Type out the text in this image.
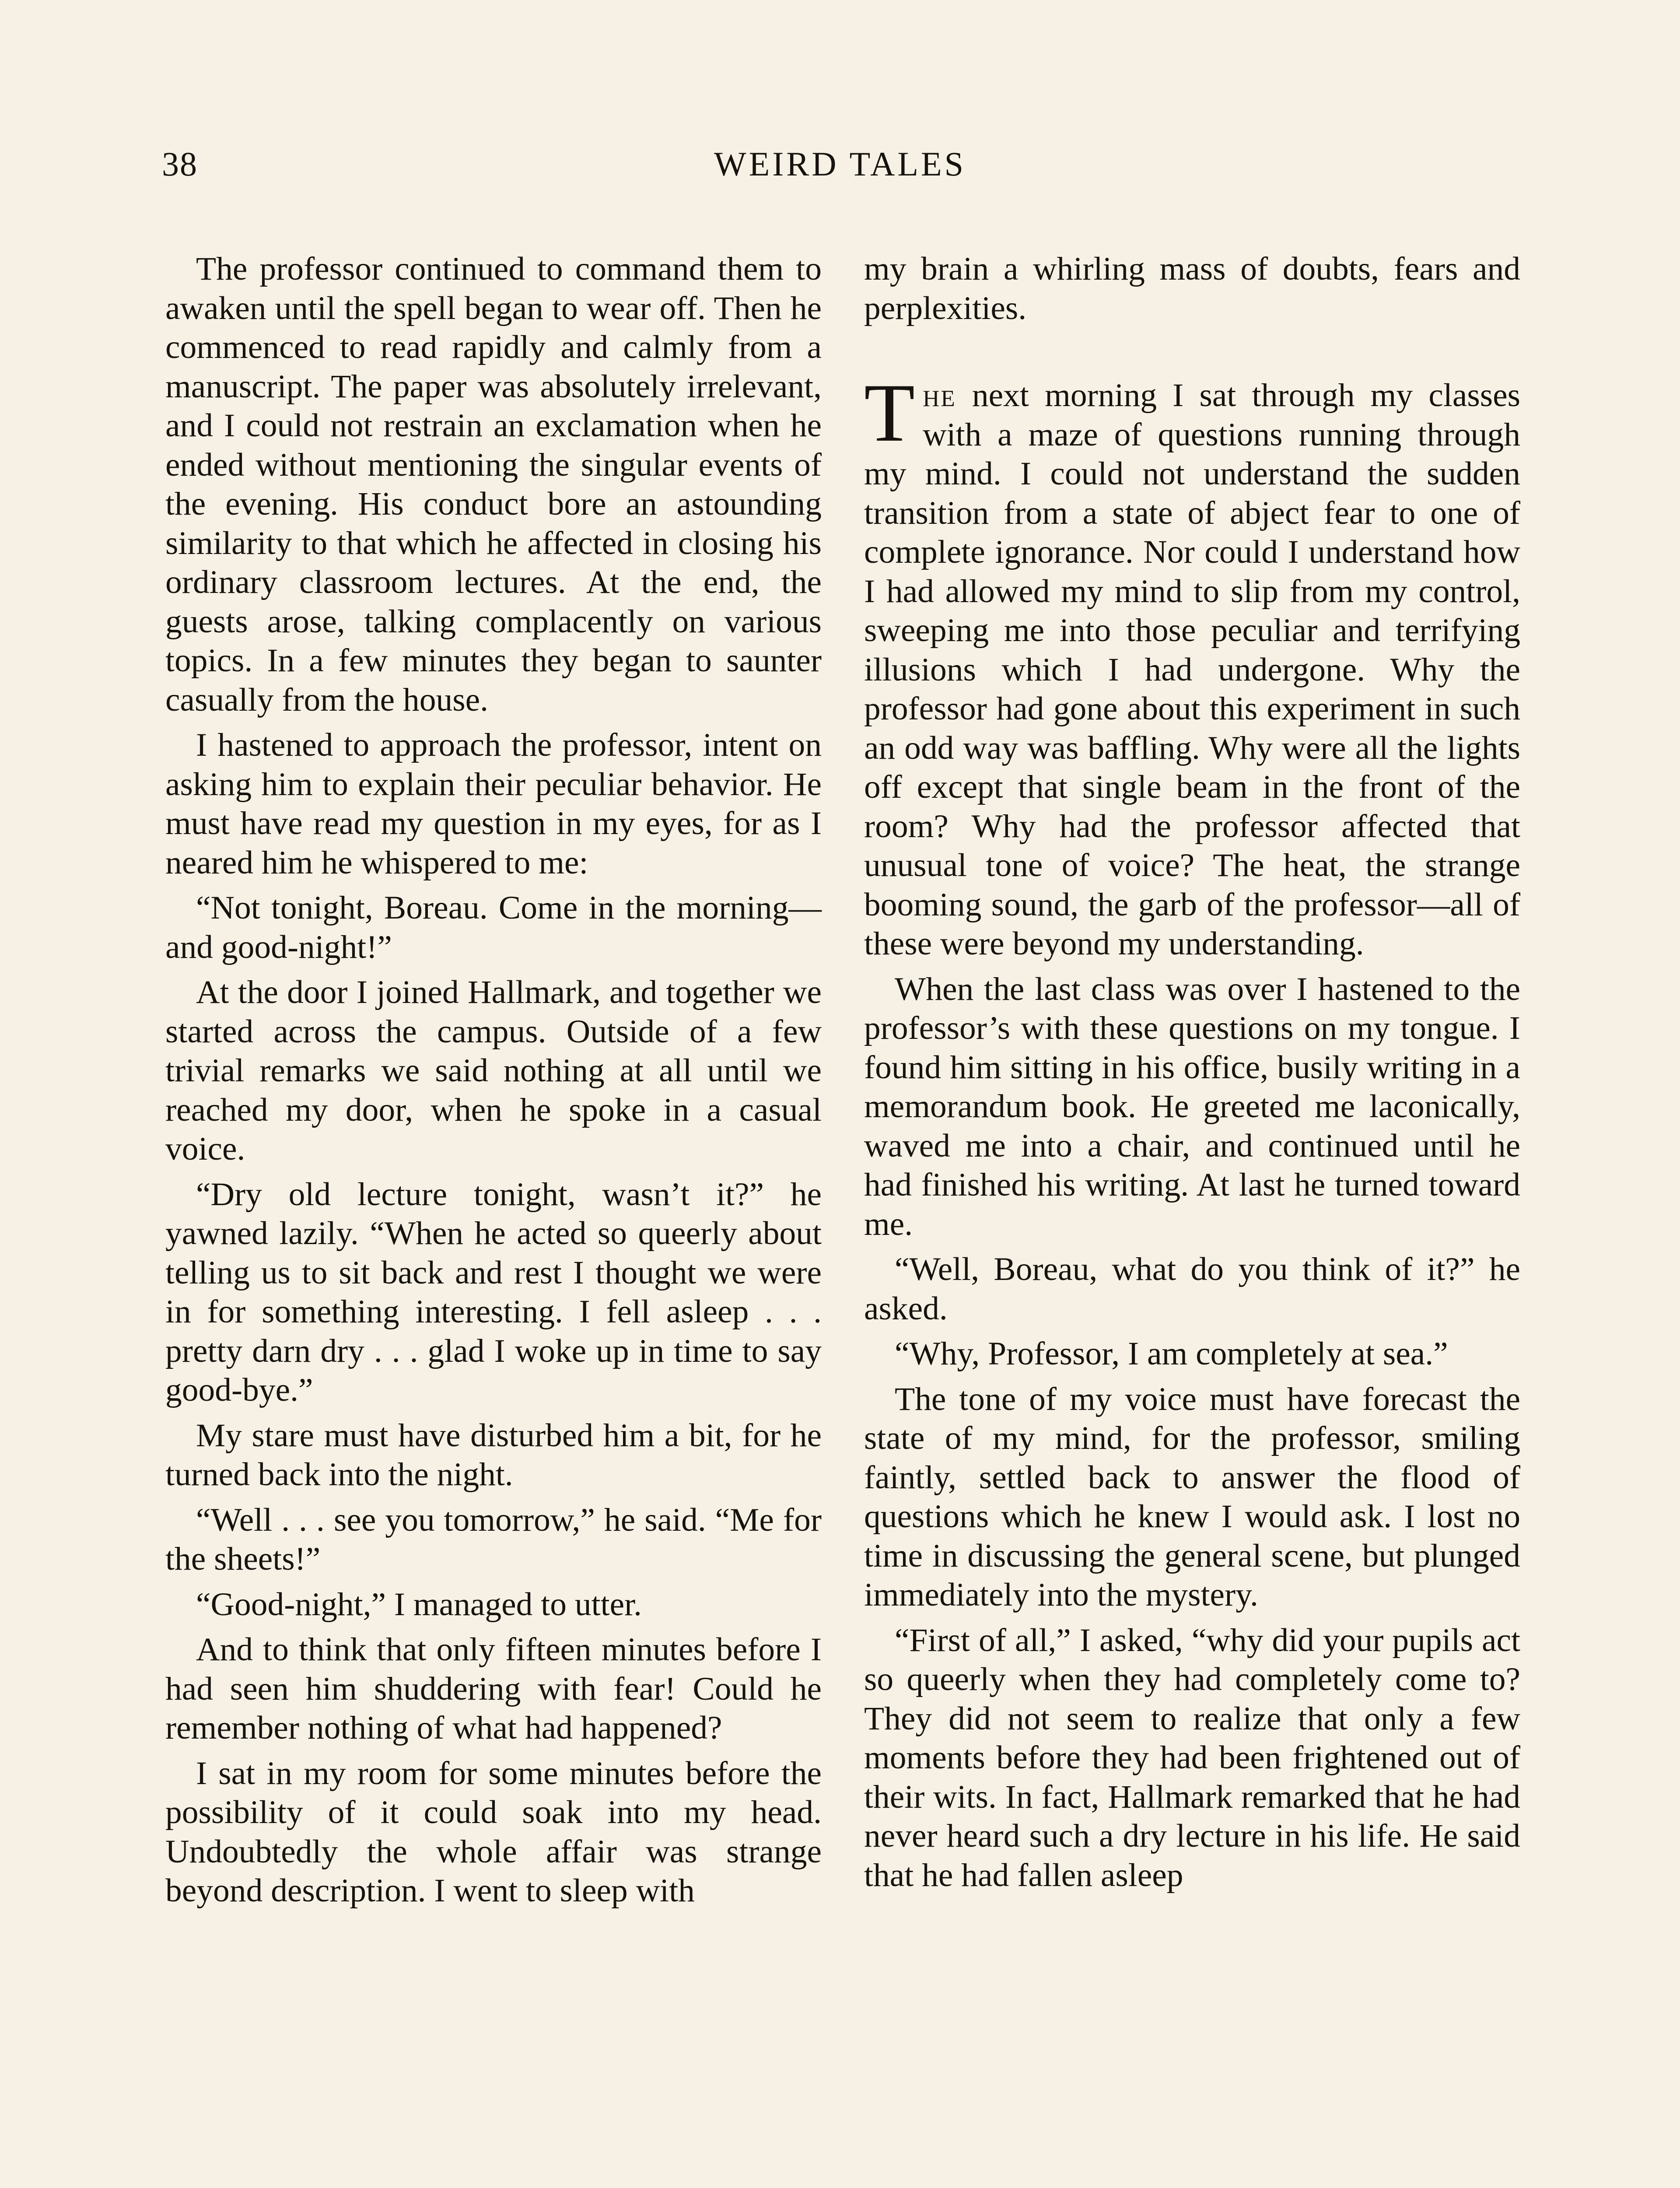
38	WEIRD TALES

The professor continued to command them to awaken until the spell began to wear off. Then he commenced to read rapidly and calmly from a manuscript. The paper was absolutely irrelevant, and I could not restrain an exclamation when he ended without mentioning the singular events of the evening. His conduct bore an astounding similarity to that which he affected in closing his ordinary classroom lectures. At the end, the guests arose, talking complacently on various topics. In a few minutes they began to saunter casually from the house.

I hastened to approach the professor, intent on asking him to explain their peculiar behavior. He must have read my question in my eyes, for as I neared him he whispered to me:

“Not tonight, Boreau. Come in the morning—and good-night!”

At the door I joined Hallmark, and together we started across the campus. Outside of a few trivial remarks we said nothing at all until we reached my door, when he spoke in a casual voice.

“Dry old lecture tonight, wasn’t it?” he yawned lazily. “When he acted so queerly about telling us to sit back and rest I thought we were in for something interesting. I fell asleep . . . pretty darn dry . . . glad I woke up in time to say good-bye.”

My stare must have disturbed him a bit, for he turned back into the night.

“Well . . . see you tomorrow,” he said. “Me for the sheets!”

“Good-night,” I managed to utter.

And to think that only fifteen minutes before I had seen him shuddering with fear! Could he remember nothing of what had happened?

I sat in my room for some minutes before the possibility of it could soak into my head. Undoubtedly the whole affair was strange beyond description. I went to sleep with

my brain a whirling mass of doubts, fears and perplexities.

The next morning I sat through my classes with a maze of questions running through my mind. I could not understand the sudden transition from a state of abject fear to one of complete ignorance. Nor could I understand how I had allowed my mind to slip from my control, sweeping me into those peculiar and terrifying illusions which I had undergone. Why the professor had gone about this experiment in such an odd way was baffling. Why were all the lights off except that single beam in the front of the room? Why had the professor affected that unusual tone of voice? The heat, the strange booming sound, the garb of the professor—all of these were beyond my understanding.

When the last class was over I hastened to the professor’s with these questions on my tongue. I found him sitting in his office, busily writing in a memorandum book. He greeted me laconically, waved me into a chair, and continued until he had finished his writing. At last he turned toward me.

“Well, Boreau, what do you think of it?” he asked.

“Why, Professor, I am completely at sea.”

The tone of my voice must have forecast the state of my mind, for the professor, smiling faintly, settled back to answer the flood of questions which he knew I would ask. I lost no time in discussing the general scene, but plunged immediately into the mystery.

“First of all,” I asked, “why did your pupils act so queerly when they had completely come to? They did not seem to realize that only a few moments before they had been frightened out of their wits. In fact, Hallmark remarked that he had never heard such a dry lecture in his life. He said that he had fallen asleep
